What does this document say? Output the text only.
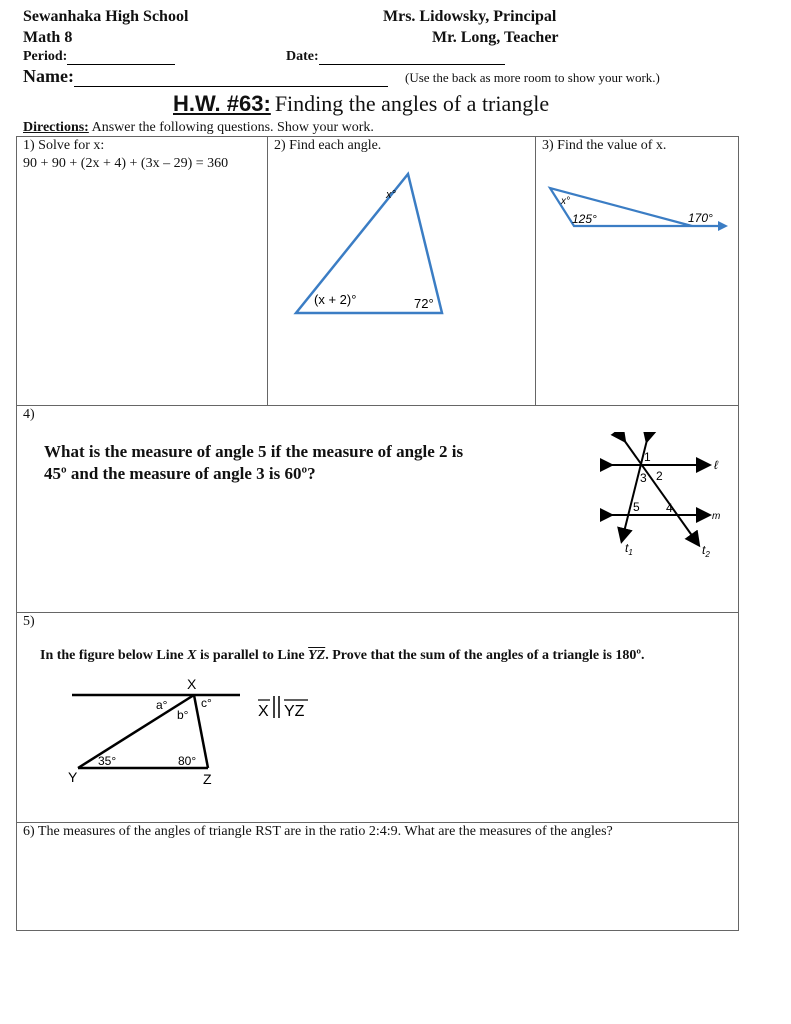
Sewanhaka High School	Mrs. Lidowsky, Principal
Math 8	Mr. Long, Teacher
Period:	Date:
Name:	(Use the back as more room to show your work.)
H.W. #63: Finding the angles of a triangle
Directions: Answer the following questions. Show your work.
1) Solve for x:
90 + 90 + (2x + 4) + (3x – 29) = 360
2) Find each angle.
x°
(x + 2)°	72°
3) Find the value of x.
x°
125°	170°
4)
What is the measure of angle 5 if the measure of angle 2 is
45º and the measure of angle 3 is 60º?
1
2
3
4
5
ℓ
m
$t_1$	$t_2$
5)
In the figure below Line X is parallel to Line $\overline{YZ}$. Prove that the sum of the angles of a triangle is 180º.
X
Y	Z
a°
b°
c°
35°	80°
X YZ
6) The measures of the angles of triangle RST are in the ratio 2:4:9. What are the measures of the angles?
